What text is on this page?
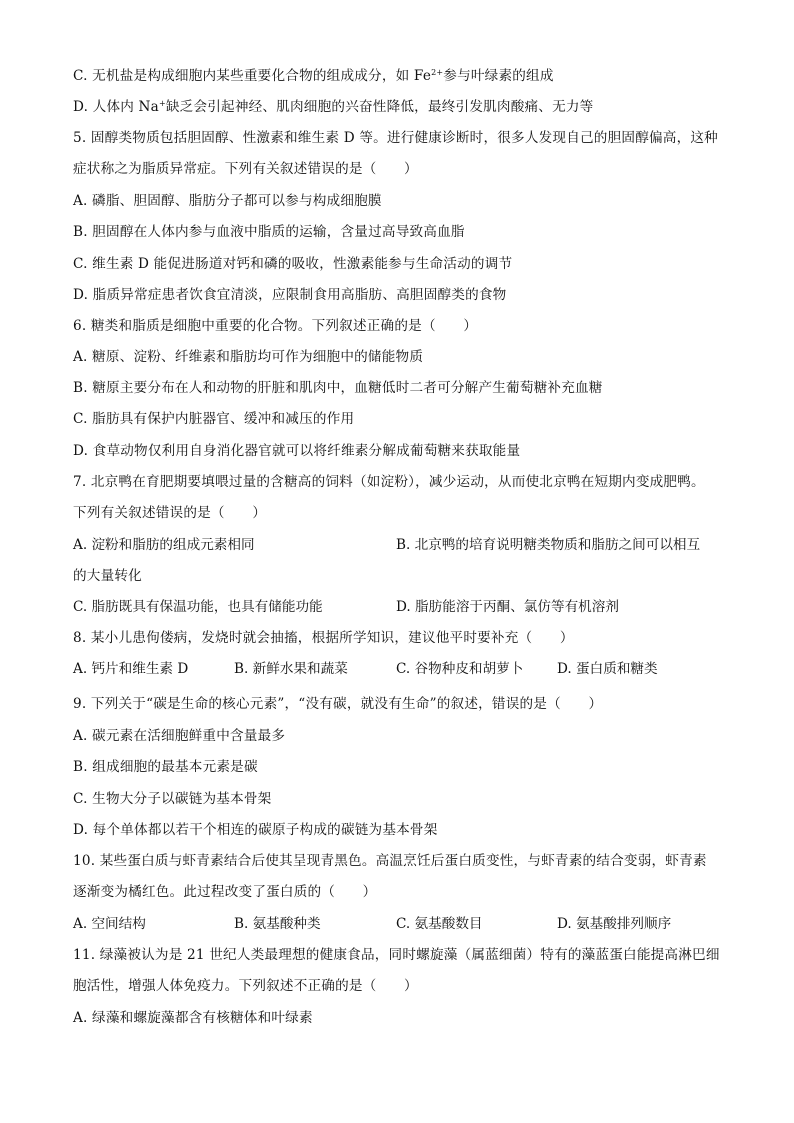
C. 无机盐是构成细胞内某些重要化合物的组成成分，如 $Fe^{2+}$参与叶绿素的组成
D. 人体内 Na+缺乏会引起神经、肌肉细胞的兴奋性降低，最终引发肌肉酸痛、无力等
5. 固醇类物质包括胆固醇、性激素和维生素 D 等。进行健康诊断时，很多人发现自己的胆固醇偏高，这种
症状称之为脂质异常症。下列有关叙述错误的是（　　）
A. 磷脂、胆固醇、脂肪分子都可以参与构成细胞膜
B. 胆固醇在人体内参与血液中脂质的运输，含量过高导致高血脂
C. 维生素 D 能促进肠道对钙和磷的吸收，性激素能参与生命活动的调节
D. 脂质异常症患者饮食宜清淡，应限制食用高脂肪、高胆固醇类的食物
6. 糖类和脂质是细胞中重要的化合物。下列叙述正确的是（　　）
A. 糖原、淀粉、纤维素和脂肪均可作为细胞中的储能物质
B. 糖原主要分布在人和动物的肝脏和肌肉中，血糖低时二者可分解产生葡萄糖补充血糖
C. 脂肪具有保护内脏器官、缓冲和减压的作用
D. 食草动物仅利用自身消化器官就可以将纤维素分解成葡萄糖来获取能量
7. 北京鸭在育肥期要填喂过量的含糖高的饲料（如淀粉），减少运动，从而使北京鸭在短期内变成肥鸭。
下列有关叙述错误的是（　　）
A. 淀粉和脂肪的组成元素相同	B. 北京鸭的培育说明糖类物质和脂肪之间可以相互
的大量转化
C. 脂肪既具有保温功能，也具有储能功能	D. 脂肪能溶于丙酮、氯仿等有机溶剂
8. 某小儿患佝偻病，发烧时就会抽搐，根据所学知识，建议他平时要补充（　　）
A. 钙片和维生素 D	B. 新鲜水果和蔬菜	C. 谷物种皮和胡萝卜 D. 蛋白质和糖类
9. 下列关于“碳是生命的核心元素”，“没有碳，就没有生命”的叙述，错误的是（　　）
A. 碳元素在活细胞鲜重中含量最多
B. 组成细胞的最基本元素是碳
C. 生物大分子以碳链为基本骨架
D. 每个单体都以若干个相连的碳原子构成的碳链为基本骨架
10. 某些蛋白质与虾青素结合后使其呈现青黑色。高温烹饪后蛋白质变性，与虾青素的结合变弱，虾青素
逐渐变为橘红色。此过程改变了蛋白质的（　　）
A. 空间结构	B. 氨基酸种类	C. 氨基酸数目	D. 氨基酸排列顺序
11. 绿藻被认为是 21 世纪人类最理想的健康食品，同时螺旋藻（属蓝细菌）特有的藻蓝蛋白能提高淋巴细
胞活性，增强人体免疫力。下列叙述不正确的是（　　）
A. 绿藻和螺旋藻都含有核糖体和叶绿素
